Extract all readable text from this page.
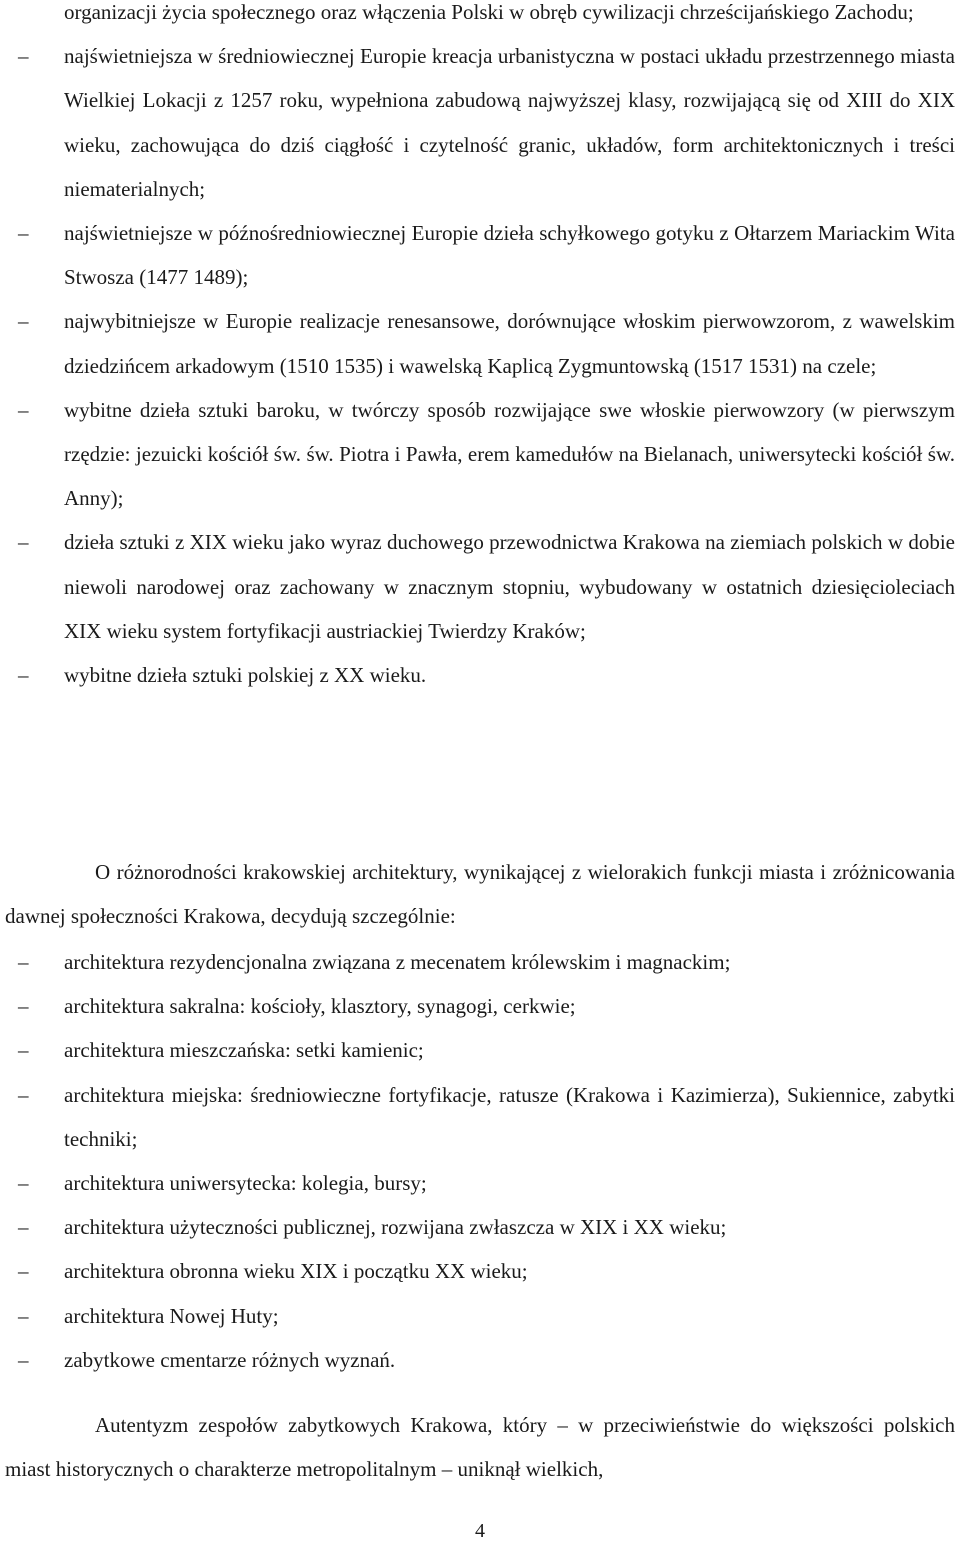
organizacji życia społecznego oraz włączenia Polski w obręb cywilizacji chrześcijańskiego Zachodu;
– najświetniejsza w średniowiecznej Europie kreacja urbanistyczna w postaci układu przestrzennego miasta Wielkiej Lokacji z 1257 roku, wypełniona zabudową najwyższej klasy, rozwijającą się od XIII do XIX wieku, zachowująca do dziś ciągłość i czytelność granic, układów, form architektonicznych i treści niematerialnych;
– najświetniejsze w późnośredniowiecznej Europie dzieła schyłkowego gotyku z Ołtarzem Mariackim Wita Stwosza (1477 1489);
– najwybitniejsze w Europie realizacje renesansowe, dorównujące włoskim pierwowzorom, z wawelskim dziedzińcem arkadowym (1510 1535) i wawelską Kaplicą Zygmuntowską (1517 1531) na czele;
– wybitne dzieła sztuki baroku, w twórczy sposób rozwijające swe włoskie pierwowzory (w pierwszym rzędzie: jezuicki kościół św. św. Piotra i Pawła, erem kamedułów na Bielanach, uniwersytecki kościół św. Anny);
– dzieła sztuki z XIX wieku jako wyraz duchowego przewodnictwa Krakowa na ziemiach polskich w dobie niewoli narodowej oraz zachowany w znacznym stopniu, wybudowany w ostatnich dziesięcioleciach XIX wieku system fortyfikacji austriackiej Twierdzy Kraków;
– wybitne dzieła sztuki polskiej z XX wieku.
O różnorodności krakowskiej architektury, wynikającej z wielorakich funkcji miasta i zróżnicowania dawnej społeczności Krakowa, decydują szczególnie:
– architektura rezydencjonalna związana z mecenatem królewskim i magnackim;
– architektura sakralna: kościoły, klasztory, synagogi, cerkwie;
– architektura mieszczańska: setki kamienic;
– architektura miejska: średniowieczne fortyfikacje, ratusze (Krakowa i Kazimierza), Sukiennice, zabytki techniki;
– architektura uniwersytecka: kolegia, bursy;
– architektura użyteczności publicznej, rozwijana zwłaszcza w XIX i XX wieku;
– architektura obronna wieku XIX i początku XX wieku;
– architektura Nowej Huty;
– zabytkowe cmentarze różnych wyznań.
Autentyzm zespołów zabytkowych Krakowa, który – w przeciwieństwie do większości polskich miast historycznych o charakterze metropolitalnym – uniknął wielkich,
4
